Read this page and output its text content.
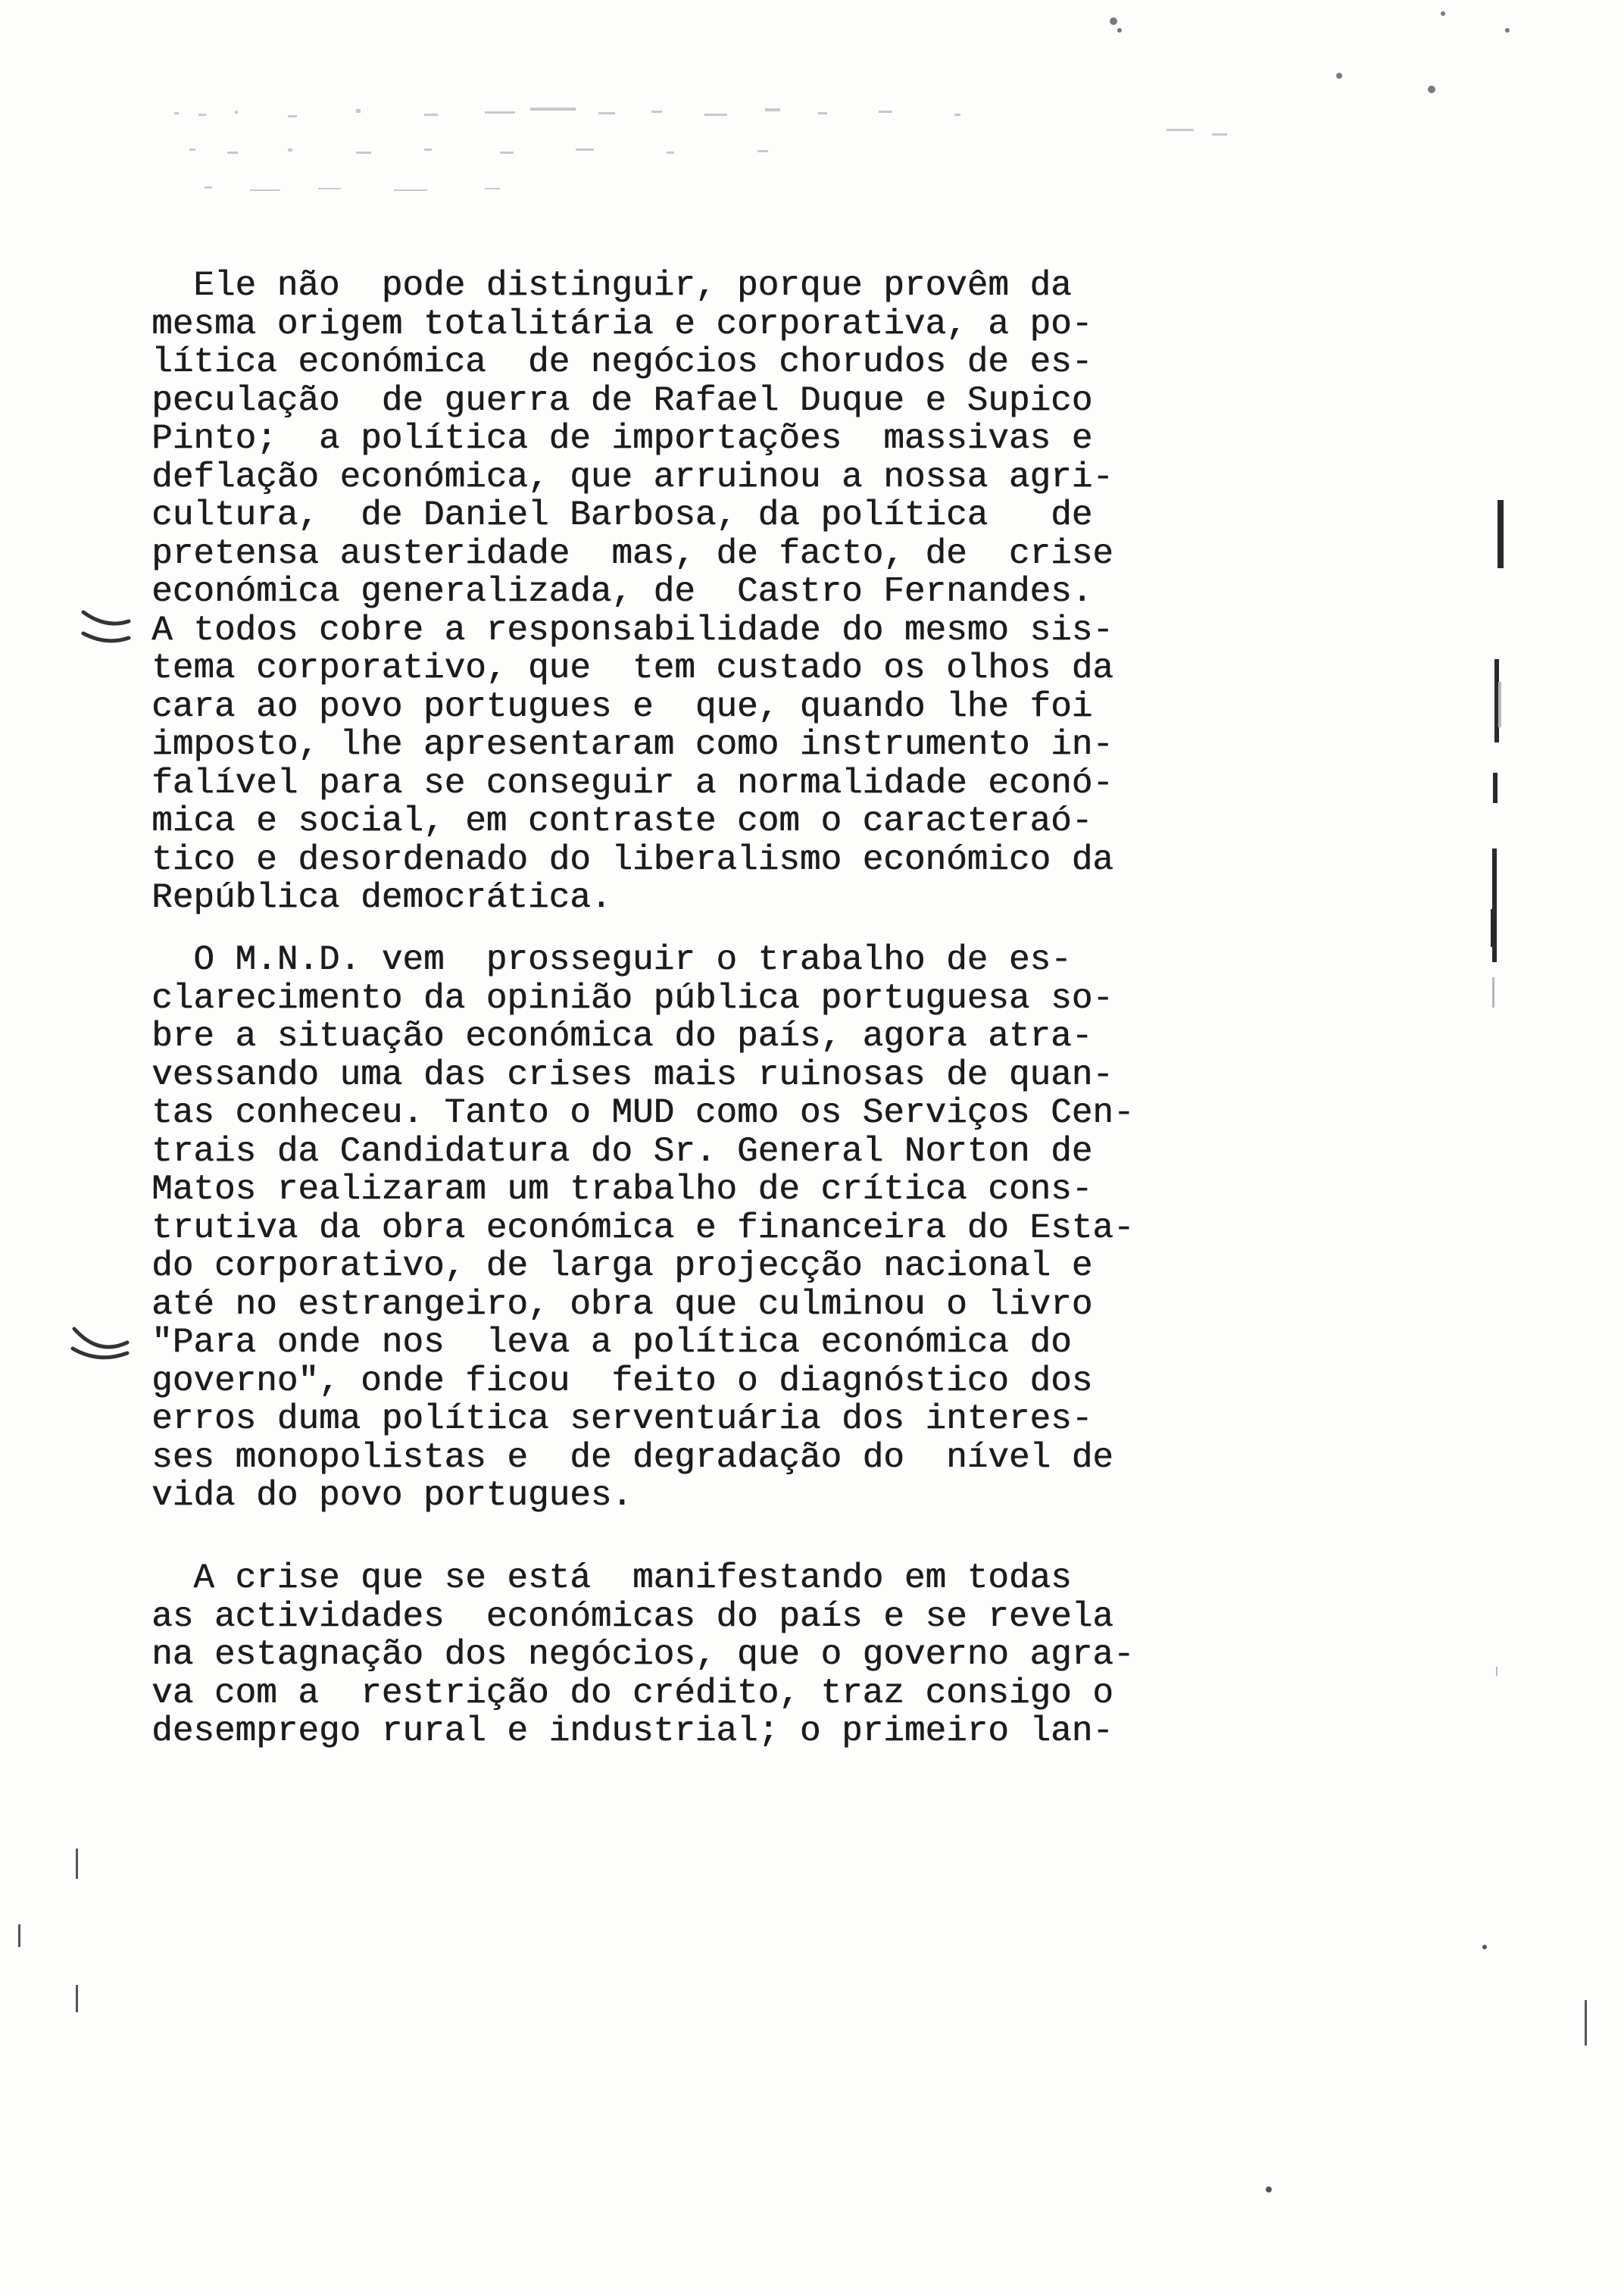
Ele não  pode distinguir, porque provêm da
mesma origem totalitária e corporativa, a po-
lítica económica  de negócios chorudos de es-
peculação  de guerra de Rafael Duque e Supico
Pinto;  a política de importações  massivas e
deflação económica, que arruinou a nossa agri-
cultura,  de Daniel Barbosa, da política   de
pretensa austeridade  mas, de facto, de  crise
económica generalizada, de  Castro Fernandes.
A todos cobre a responsabilidade do mesmo sis-
tema corporativo, que  tem custado os olhos da
cara ao povo portugues e  que, quando lhe foi
imposto, lhe apresentaram como instrumento in-
falível para se conseguir a normalidade econó-
mica e social, em contraste com o caracteraó-
tico e desordenado do liberalismo económico da
República democrática.
O M.N.D. vem  prosseguir o trabalho de es-
clarecimento da opinião pública portuguesa so-
bre a situação económica do país, agora atra-
vessando uma das crises mais ruinosas de quan-
tas conheceu. Tanto o MUD como os Serviços Cen-
trais da Candidatura do Sr. General Norton de
Matos realizaram um trabalho de crítica cons-
trutiva da obra económica e financeira do Esta-
do corporativo, de larga projecção nacional e
até no estrangeiro, obra que culminou o livro
"Para onde nos  leva a política económica do
governo", onde ficou  feito o diagnóstico dos
erros duma política serventuária dos interes-
ses monopolistas e  de degradação do  nível de
vida do povo portugues.
A crise que se está  manifestando em todas
as actividades  económicas do país e se revela
na estagnação dos negócios, que o governo agra-
va com a  restrição do crédito, traz consigo o
desemprego rural e industrial; o primeiro lan-
